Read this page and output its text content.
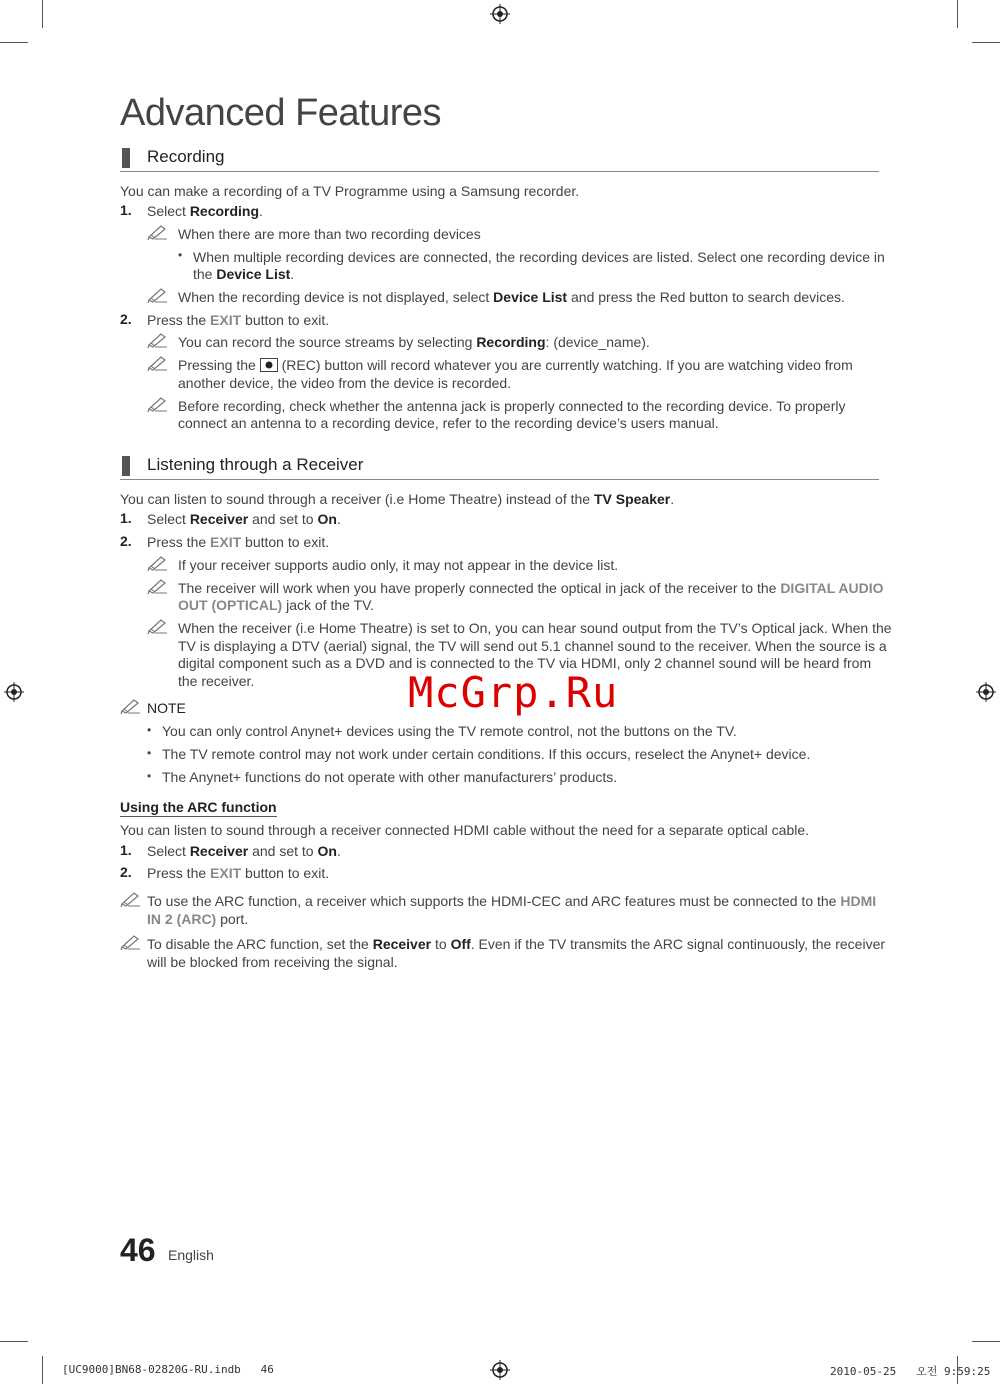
Advanced Features
Recording
You can make a recording of a TV Programme using a Samsung recorder.
1. Select Recording.
When there are more than two recording devices
• When multiple recording devices are connected, the recording devices are listed. Select one recording device in
the Device List.
When the recording device is not displayed, select Device List and press the Red button to search devices.
2. Press the EXIT button to exit.
You can record the source streams by selecting Recording: (device_name).
Pressing the  (REC) button will record whatever you are currently watching. If you are watching video from
another device, the video from the device is recorded.
Before recording, check whether the antenna jack is properly connected to the recording device. To properly
connect an antenna to a recording device, refer to the recording device’s users manual.
Listening through a Receiver
You can listen to sound through a receiver (i.e Home Theatre) instead of the TV Speaker.
1. Select Receiver and set to On.
2. Press the EXIT button to exit.
If your receiver supports audio only, it may not appear in the device list.
The receiver will work when you have properly connected the optical in jack of the receiver to the DIGITAL AUDIO
OUT (OPTICAL) jack of the TV.
When the receiver (i.e Home Theatre) is set to On, you can hear sound output from the TV’s Optical jack. When the
TV is displaying a DTV (aerial) signal, the TV will send out 5.1 channel sound to the receiver. When the source is a
digital component such as a DVD and is connected to the TV via HDMI, only 2 channel sound will be heard from
the receiver.	McGrp.Ru
NOTE
• You can only control Anynet+ devices using the TV remote control, not the buttons on the TV.
• The TV remote control may not work under certain conditions. If this occurs, reselect the Anynet+ device.
• The Anynet+ functions do not operate with other manufacturers’ products.
Using the ARC function
You can listen to sound through a receiver connected HDMI cable without the need for a separate optical cable.
1. Select Receiver and set to On.
2. Press the EXIT button to exit.
To use the ARC function, a receiver which supports the HDMI-CEC and ARC features must be connected to the HDMI
IN 2 (ARC) port.
To disable the ARC function, set the Receiver to Off. Even if the TV transmits the ARC signal continuously, the receiver
will be blocked from receiving the signal.
46 English
[UC9000]BN68-02820G-RU.indb   46	2010-05-25   오전 9:59:25
